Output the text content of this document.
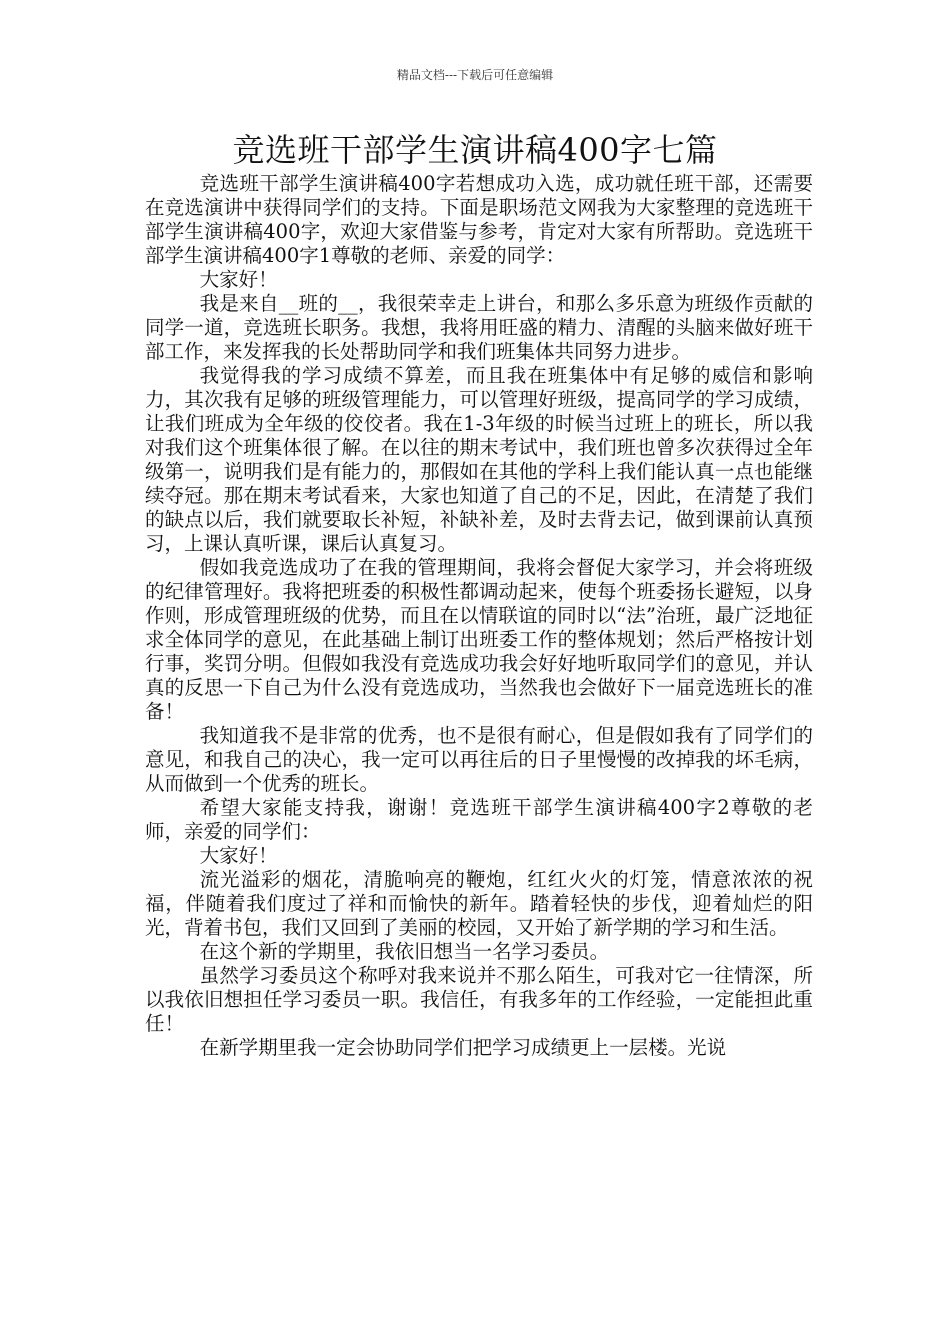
精品文档---下载后可任意编辑
竞选班干部学生演讲稿400字七篇

竞选班干部学生演讲稿400字若想成功入选，成功就任班干部，还需要在竞选演讲中获得同学们的支持。下面是职场范文网我为大家整理的竞选班干部学生演讲稿400字，欢迎大家借鉴与参考，肯定对大家有所帮助。竞选班干部学生演讲稿400字1尊敬的老师、亲爱的同学：

大家好！

我是来自__班的__，我很荣幸走上讲台，和那么多乐意为班级作贡献的同学一道，竞选班长职务。我想，我将用旺盛的精力、清醒的头脑来做好班干部工作，来发挥我的长处帮助同学和我们班集体共同努力进步。

我觉得我的学习成绩不算差，而且我在班集体中有足够的威信和影响力，其次我有足够的班级管理能力，可以管理好班级，提高同学的学习成绩，让我们班成为全年级的佼佼者。我在1-3年级的时候当过班上的班长，所以我对我们这个班集体很了解。在以往的期末考试中，我们班也曾多次获得过全年级第一，说明我们是有能力的，那假如在其他的学科上我们能认真一点也能继续夺冠。那在期末考试看来，大家也知道了自己的不足，因此，在清楚了我们的缺点以后，我们就要取长补短，补缺补差，及时去背去记，做到课前认真预习，上课认真听课，课后认真复习。

假如我竞选成功了在我的管理期间，我将会督促大家学习，并会将班级的纪律管理好。我将把班委的积极性都调动起来，使每个班委扬长避短，以身作则，形成管理班级的优势，而且在以情联谊的同时以“法”治班，最广泛地征求全体同学的意见，在此基础上制订出班委工作的整体规划；然后严格按计划行事，奖罚分明。但假如我没有竞选成功我会好好地听取同学们的意见，并认真的反思一下自己为什么没有竞选成功，当然我也会做好下一届竞选班长的准备！

我知道我不是非常的优秀，也不是很有耐心，但是假如我有了同学们的意见，和我自己的决心，我一定可以再往后的日子里慢慢的改掉我的坏毛病，从而做到一个优秀的班长。

希望大家能支持我，谢谢！竞选班干部学生演讲稿400字2尊敬的老师，亲爱的同学们：

大家好！

流光溢彩的烟花，清脆响亮的鞭炮，红红火火的灯笼，情意浓浓的祝福，伴随着我们度过了祥和而愉快的新年。踏着轻快的步伐，迎着灿烂的阳光，背着书包，我们又回到了美丽的校园，又开始了新学期的学习和生活。

在这个新的学期里，我依旧想当一名学习委员。

虽然学习委员这个称呼对我来说并不那么陌生，可我对它一往情深，所以我依旧想担任学习委员一职。我信任，有我多年的工作经验，一定能担此重任！

在新学期里我一定会协助同学们把学习成绩更上一层楼。光说
